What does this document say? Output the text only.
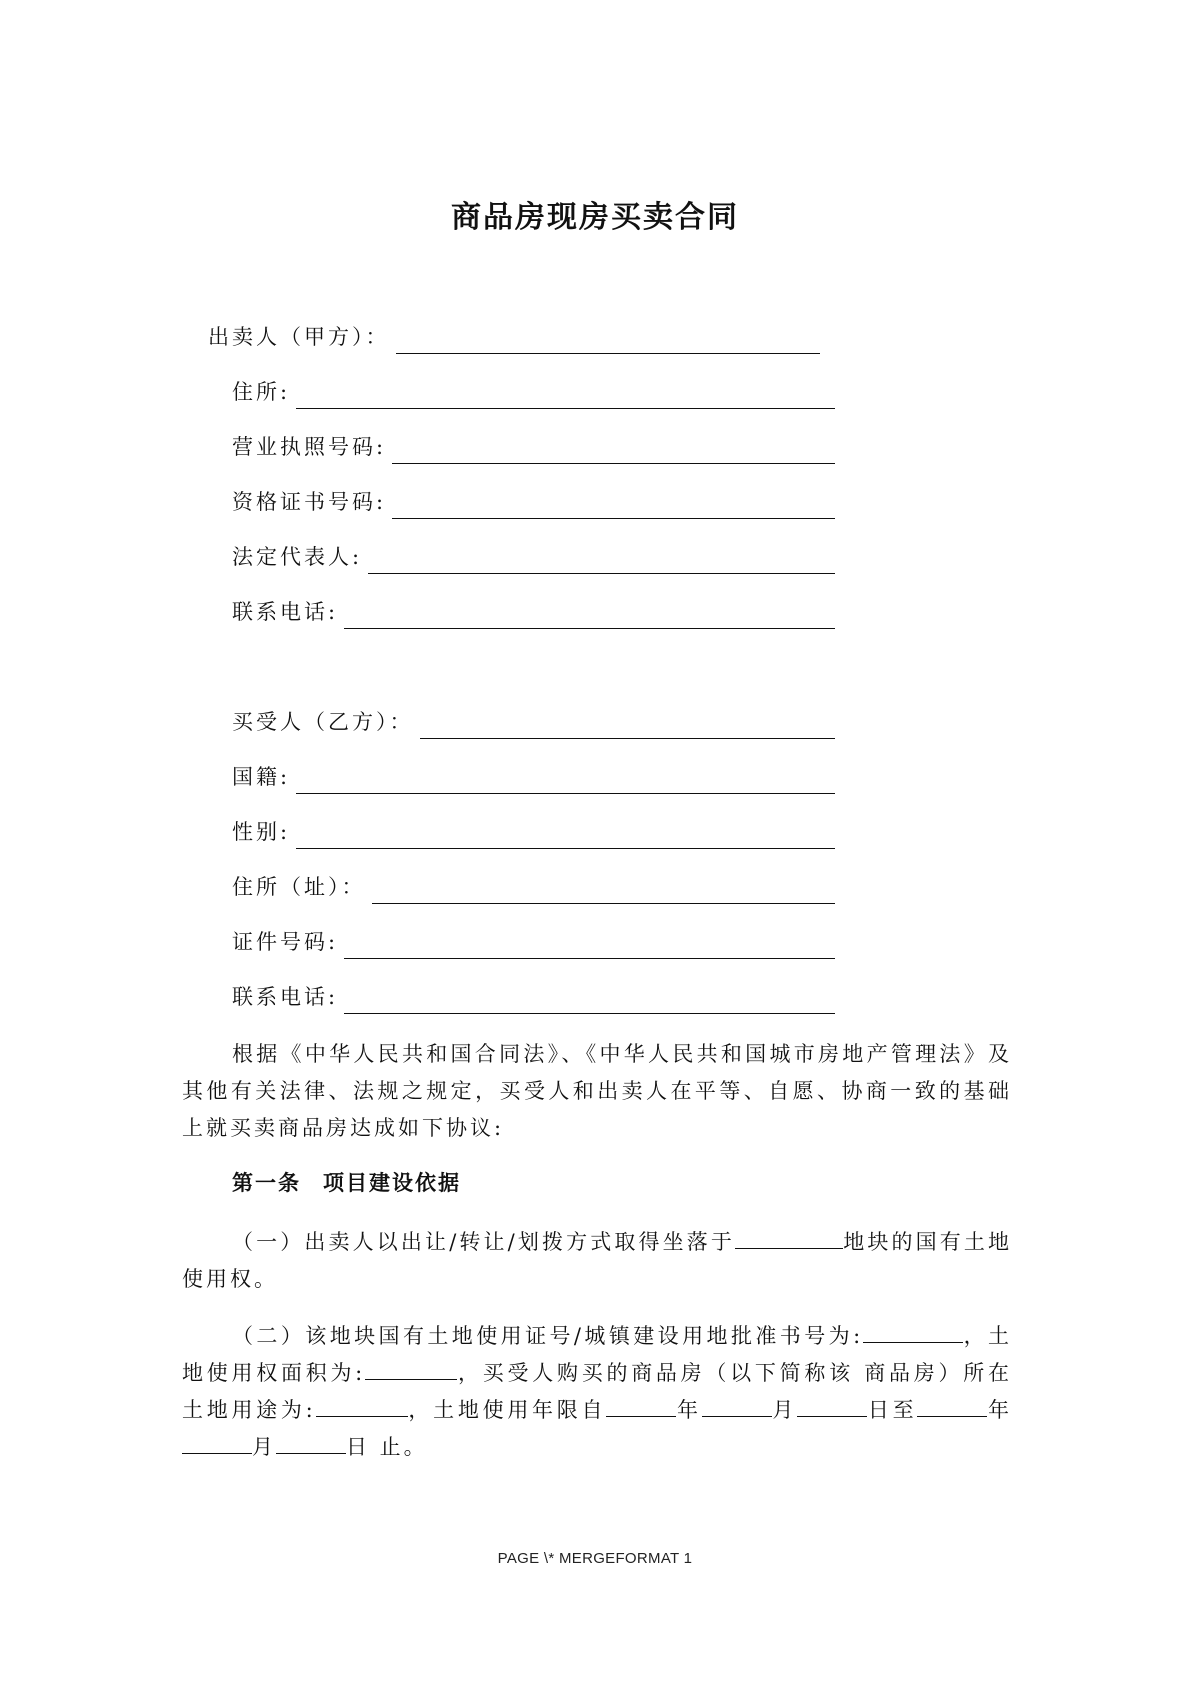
商品房现房买卖合同
出卖人（甲方）：
住所:
营业执照号码:
资格证书号码:
法定代表人:
联系电话:
买受人（乙方）：
国籍:
性别:
住所（址）：
证件号码:
联系电话:
根据《中华人民共和国合同法》、《中华人民共和国城市房地产管理法》及其他有关法律、法规之规定，买受人和出卖人在平等、自愿、协商一致的基础上就买卖商品房达成如下协议:
第一条 项目建设依据
（一）出卖人以出让/转让/划拨方式取得坐落于	地块的国有土地使用权。
（二）该地块国有土地使用证号/城镇建设用地批准书号为:	，土地使用权面积为:	，买受人购买的商品房（以下简称该 商品房）所在土地用途为:	，土地使用年限自	年	月	日至	年月	日 止。
PAGE \* MERGEFORMAT 1
